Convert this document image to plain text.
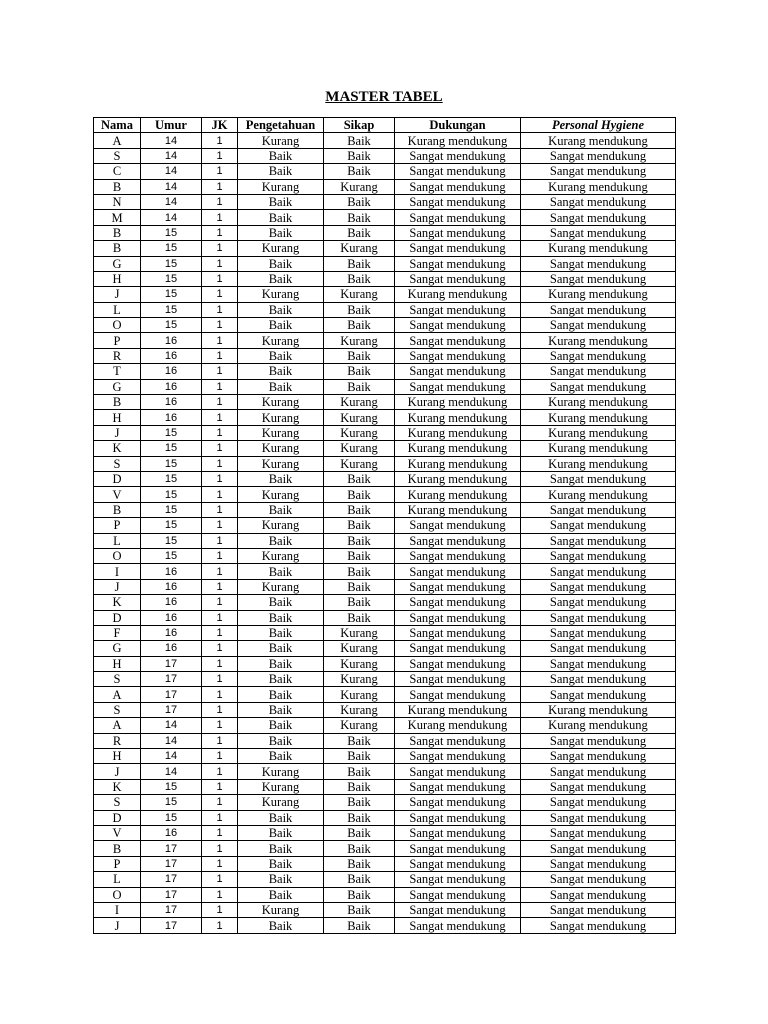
MASTER TABEL
Nama	Umur	JK	Pengetahuan	Sikap	Dukungan	Personal Hygiene
A	14	1	Kurang	Baik	Kurang mendukung	Kurang mendukung
S	14	1	Baik	Baik	Sangat mendukung	Sangat mendukung
C	14	1	Baik	Baik	Sangat mendukung	Sangat mendukung
B	14	1	Kurang	Kurang	Sangat mendukung	Kurang mendukung
N	14	1	Baik	Baik	Sangat mendukung	Sangat mendukung
M	14	1	Baik	Baik	Sangat mendukung	Sangat mendukung
B	15	1	Baik	Baik	Sangat mendukung	Sangat mendukung
B	15	1	Kurang	Kurang	Sangat mendukung	Kurang mendukung
G	15	1	Baik	Baik	Sangat mendukung	Sangat mendukung
H	15	1	Baik	Baik	Sangat mendukung	Sangat mendukung
J	15	1	Kurang	Kurang	Kurang mendukung	Kurang mendukung
L	15	1	Baik	Baik	Sangat mendukung	Sangat mendukung
O	15	1	Baik	Baik	Sangat mendukung	Sangat mendukung
P	16	1	Kurang	Kurang	Sangat mendukung	Kurang mendukung
R	16	1	Baik	Baik	Sangat mendukung	Sangat mendukung
T	16	1	Baik	Baik	Sangat mendukung	Sangat mendukung
G	16	1	Baik	Baik	Sangat mendukung	Sangat mendukung
B	16	1	Kurang	Kurang	Kurang mendukung	Kurang mendukung
H	16	1	Kurang	Kurang	Kurang mendukung	Kurang mendukung
J	15	1	Kurang	Kurang	Kurang mendukung	Kurang mendukung
K	15	1	Kurang	Kurang	Kurang mendukung	Kurang mendukung
S	15	1	Kurang	Kurang	Kurang mendukung	Kurang mendukung
D	15	1	Baik	Baik	Kurang mendukung	Sangat mendukung
V	15	1	Kurang	Baik	Kurang mendukung	Kurang mendukung
B	15	1	Baik	Baik	Kurang mendukung	Sangat mendukung
P	15	1	Kurang	Baik	Sangat mendukung	Sangat mendukung
L	15	1	Baik	Baik	Sangat mendukung	Sangat mendukung
O	15	1	Kurang	Baik	Sangat mendukung	Sangat mendukung
I	16	1	Baik	Baik	Sangat mendukung	Sangat mendukung
J	16	1	Kurang	Baik	Sangat mendukung	Sangat mendukung
K	16	1	Baik	Baik	Sangat mendukung	Sangat mendukung
D	16	1	Baik	Baik	Sangat mendukung	Sangat mendukung
F	16	1	Baik	Kurang	Sangat mendukung	Sangat mendukung
G	16	1	Baik	Kurang	Sangat mendukung	Sangat mendukung
H	17	1	Baik	Kurang	Sangat mendukung	Sangat mendukung
S	17	1	Baik	Kurang	Sangat mendukung	Sangat mendukung
A	17	1	Baik	Kurang	Sangat mendukung	Sangat mendukung
S	17	1	Baik	Kurang	Kurang mendukung	Kurang mendukung
A	14	1	Baik	Kurang	Kurang mendukung	Kurang mendukung
R	14	1	Baik	Baik	Sangat mendukung	Sangat mendukung
H	14	1	Baik	Baik	Sangat mendukung	Sangat mendukung
J	14	1	Kurang	Baik	Sangat mendukung	Sangat mendukung
K	15	1	Kurang	Baik	Sangat mendukung	Sangat mendukung
S	15	1	Kurang	Baik	Sangat mendukung	Sangat mendukung
D	15	1	Baik	Baik	Sangat mendukung	Sangat mendukung
V	16	1	Baik	Baik	Sangat mendukung	Sangat mendukung
B	17	1	Baik	Baik	Sangat mendukung	Sangat mendukung
P	17	1	Baik	Baik	Sangat mendukung	Sangat mendukung
L	17	1	Baik	Baik	Sangat mendukung	Sangat mendukung
O	17	1	Baik	Baik	Sangat mendukung	Sangat mendukung
I	17	1	Kurang	Baik	Sangat mendukung	Sangat mendukung
J	17	1	Baik	Baik	Sangat mendukung	Sangat mendukung
